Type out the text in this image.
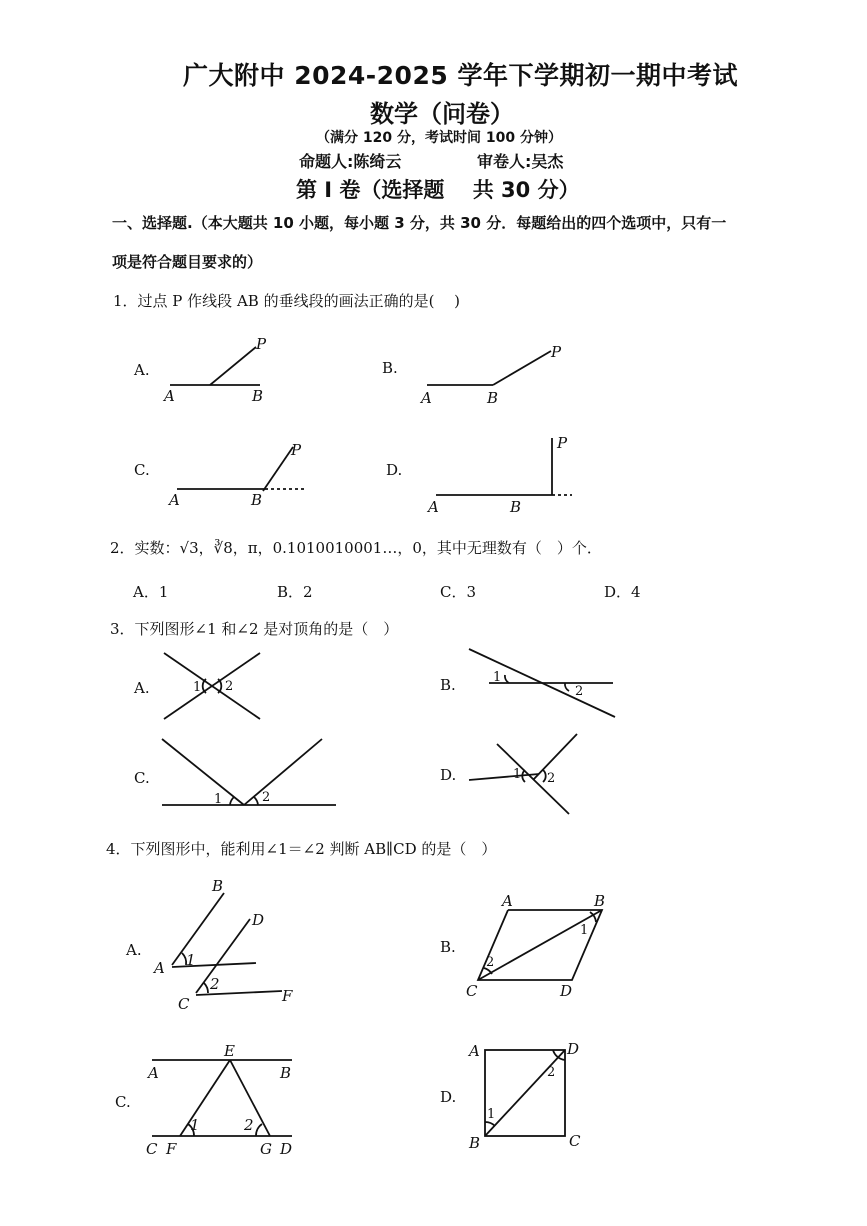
广大附中 2024-2025 学年下学期初一期中考试
数学（问卷）
（满分 120 分，考试时间 100 分钟）
命题人:陈绮云	审卷人:吴杰
第 I 卷（选择题　 共 30 分）
一、选择题.（本大题共 10 小题，每小题 3 分，共 30 分．每题给出的四个选项中，只有一
项是符合题目要求的）
1．过点 P 作线段 AB 的垂线段的画法正确的是(　 )
A.
P
A	B
B.
P
A	B
C.
P
A	B
D.
P
A	B
2．实数：√3，∛8，π，0.1010010001…，0，其中无理数有（　）个．
A．1	B．2	C．3	D．4
3．下列图形∠1 和∠2 是对顶角的是（　）
A.	1 2	B.	1
2
C.
1	2
D.	1 2
4．下列图形中，能利用∠1＝∠2 判断 AB∥CD 的是（　）
A.
B
D
A
C	F
1
2
B.
A	B
C	D
1
2
C.
E
A	B
C F	G D
1	2
D.
A	D
B	C
1
2
